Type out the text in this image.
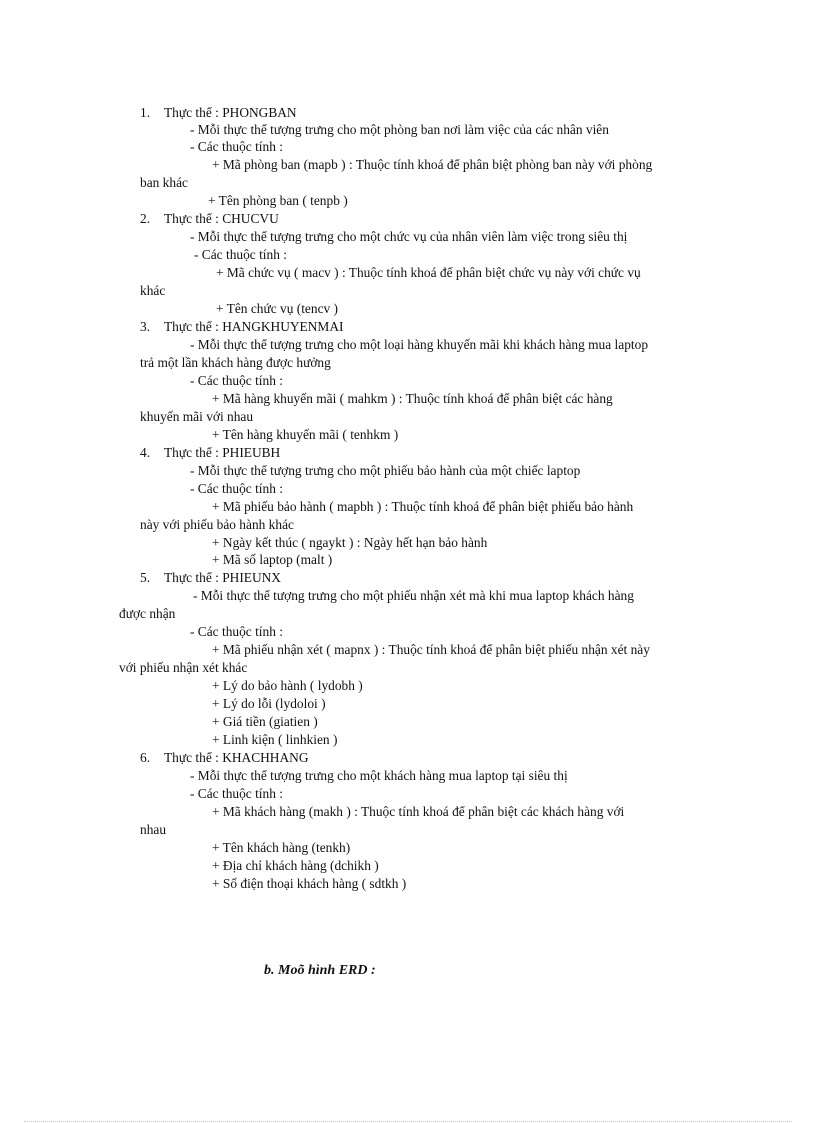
1. Thực thể : PHONGBAN
- Mỗi thực thể tượng trưng cho một phòng ban nơi làm việc của các nhân viên
- Các thuộc tính :
+ Mã phòng ban (mapb ) : Thuộc tính khoá để phân biệt phòng ban này với phòng
ban khác
+ Tên phòng ban ( tenpb )
2. Thực thể : CHUCVU
- Mỗi thực thể tượng trưng cho một chức vụ của nhân viên làm việc trong siêu thị
- Các thuộc tính :
+ Mã chức vụ ( macv ) : Thuộc tính khoá để phân biệt chức vụ này với chức vụ
khác
+ Tên chức vụ (tencv )
3. Thực thể : HANGKHUYENMAI
- Mỗi thực thể tượng trưng cho một loại hàng khuyến mãi khi khách hàng mua laptop
trả một lần khách hàng được hưởng
- Các thuộc tính :
+ Mã hàng khuyến mãi ( mahkm ) : Thuộc tính khoá để phân biệt các hàng
khuyến mãi với nhau
+ Tên hàng khuyến mãi ( tenhkm )
4. Thực thể : PHIEUBH
- Mỗi thực thể tượng trưng cho một phiếu bảo hành của một chiếc laptop
- Các thuộc tính :
+ Mã phiếu bảo hành ( mapbh ) : Thuộc tính khoá để phân biệt phiếu bảo hành
này với phiếu bảo hành khác
+ Ngày kết thúc ( ngaykt ) : Ngày hết hạn bảo hành
+ Mã số laptop (malt )
5. Thực thể : PHIEUNX
- Mỗi thực thể tượng trưng cho một phiếu nhận xét mà khi mua laptop khách hàng
được nhận
- Các thuộc tính :
+ Mã phiếu nhận xét ( mapnx ) : Thuộc tính khoá để phân biệt phiếu nhận xét này
với phiếu nhận xét khác
+ Lý do bảo hành ( lydobh )
+ Lý do lỗi (lydoloi )
+ Giá tiền (giatien )
+ Linh kiện ( linhkien )
6. Thực thể : KHACHHANG
- Mỗi thực thể tượng trưng cho một khách hàng mua laptop tại siêu thị
- Các thuộc tính :
+ Mã khách hàng (makh ) : Thuộc tính khoá để phân biệt các khách hàng với
nhau
+ Tên khách hàng (tenkh)
+ Địa chỉ khách hàng (dchikh )
+ Số điện thoại khách hàng ( sdtkh )
b. Moõ hình ERD :
